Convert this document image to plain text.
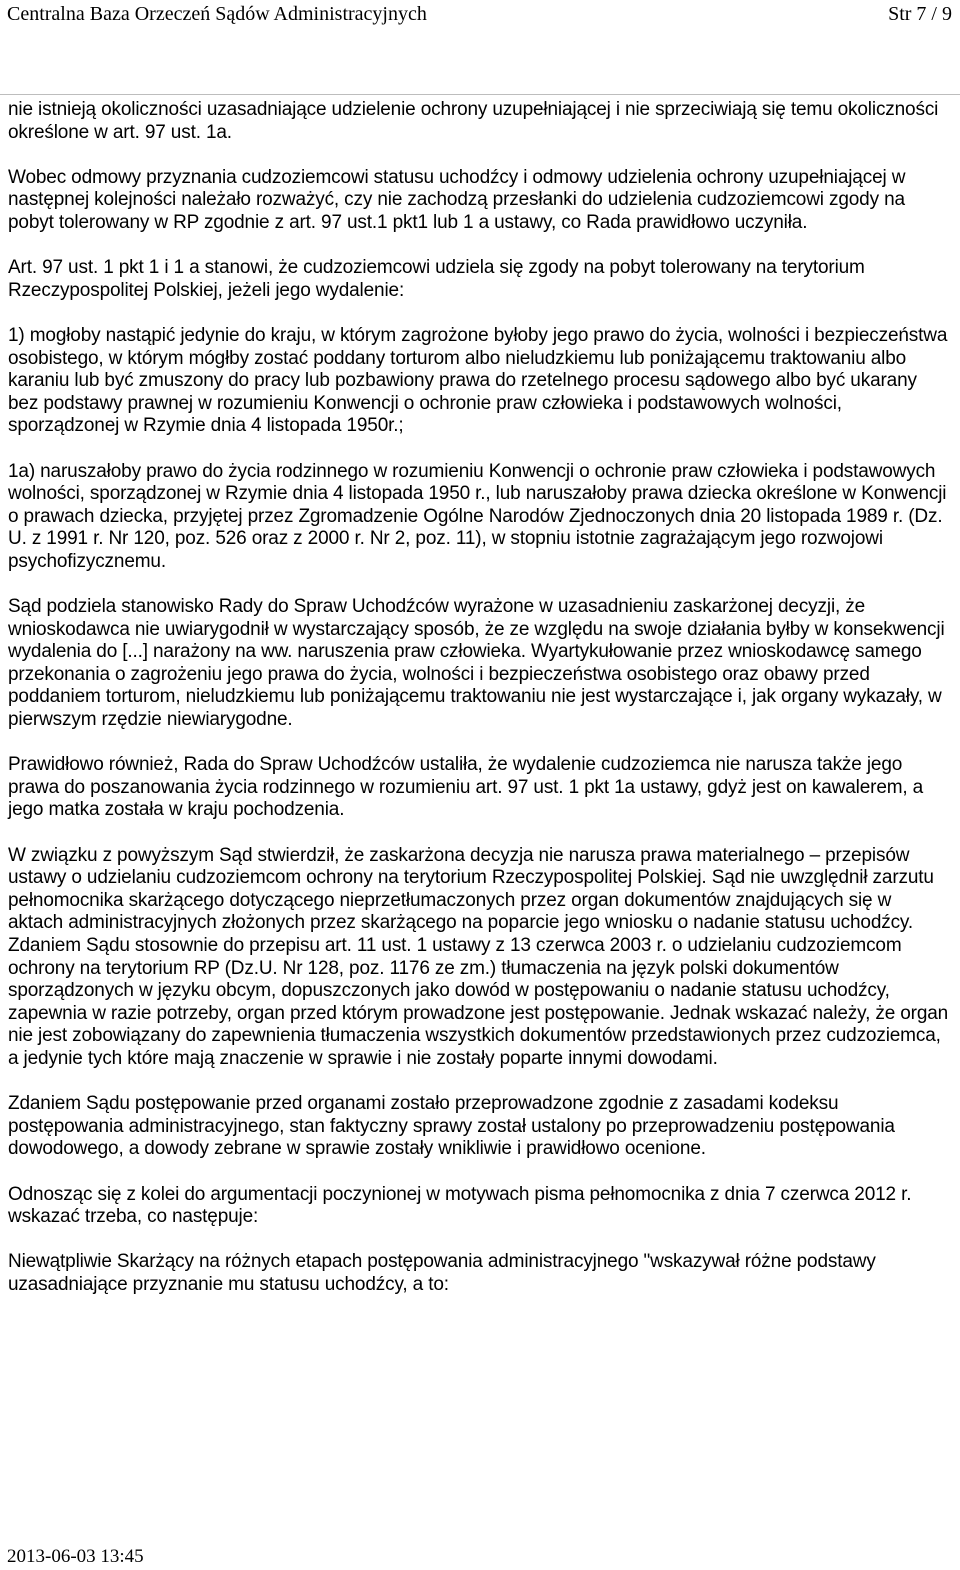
Centralna Baza Orzeczeń Sądów Administracyjnych	Str 7 / 9

nie istnieją okoliczności uzasadniające udzielenie ochrony uzupełniającej i nie sprzeciwiają się temu okoliczności określone w art. 97 ust. 1a.

Wobec odmowy przyznania cudzoziemcowi statusu uchodźcy i odmowy udzielenia ochrony uzupełniającej w następnej kolejności należało rozważyć, czy nie zachodzą przesłanki do udzielenia cudzoziemcowi zgody na pobyt tolerowany w RP zgodnie z art. 97 ust.1 pkt1 lub 1 a ustawy, co Rada prawidłowo uczyniła.

Art. 97 ust. 1 pkt 1 i 1 a stanowi, że cudzoziemcowi udziela się zgody na pobyt tolerowany na terytorium Rzeczypospolitej Polskiej, jeżeli jego wydalenie:

1) mogłoby nastąpić jedynie do kraju, w którym zagrożone byłoby jego prawo do życia, wolności i bezpieczeństwa osobistego, w którym mógłby zostać poddany torturom albo nieludzkiemu lub poniżającemu traktowaniu albo karaniu lub być zmuszony do pracy lub pozbawiony prawa do rzetelnego procesu sądowego albo być ukarany bez podstawy prawnej w rozumieniu Konwencji o ochronie praw człowieka i podstawowych wolności, sporządzonej w Rzymie dnia 4 listopada 1950r.;

1a) naruszałoby prawo do życia rodzinnego w rozumieniu Konwencji o ochronie praw człowieka i podstawowych wolności, sporządzonej w Rzymie dnia 4 listopada 1950 r., lub naruszałoby prawa dziecka określone w Konwencji o prawach dziecka, przyjętej przez Zgromadzenie Ogólne Narodów Zjednoczonych dnia 20 listopada 1989 r. (Dz. U. z 1991 r. Nr 120, poz. 526 oraz z 2000 r. Nr 2, poz. 11), w stopniu istotnie zagrażającym jego rozwojowi psychofizycznemu.

Sąd podziela stanowisko Rady do Spraw Uchodźców wyrażone w uzasadnieniu zaskarżonej decyzji, że wnioskodawca nie uwiarygodnił w wystarczający sposób, że ze względu na swoje działania byłby w konsekwencji wydalenia do [...] narażony na ww. naruszenia praw człowieka. Wyartykułowanie przez wnioskodawcę samego przekonania o zagrożeniu jego prawa do życia, wolności i bezpieczeństwa osobistego oraz obawy przed poddaniem torturom, nieludzkiemu lub poniżającemu traktowaniu nie jest wystarczające i, jak organy wykazały, w pierwszym rzędzie niewiarygodne.

Prawidłowo również, Rada do Spraw Uchodźców ustaliła, że wydalenie cudzoziemca nie narusza także jego prawa do poszanowania życia rodzinnego w rozumieniu art. 97 ust. 1 pkt 1a ustawy, gdyż jest on kawalerem, a jego matka została w kraju pochodzenia.

W związku z powyższym Sąd stwierdził, że zaskarżona decyzja nie narusza prawa materialnego – przepisów ustawy o udzielaniu cudzoziemcom ochrony na terytorium Rzeczypospolitej Polskiej. Sąd nie uwzględnił zarzutu pełnomocnika skarżącego dotyczącego nieprzetłumaczonych przez organ dokumentów znajdujących się w aktach administracyjnych złożonych przez skarżącego na poparcie jego wniosku o nadanie statusu uchodźcy. Zdaniem Sądu stosownie do przepisu art. 11 ust. 1 ustawy z 13 czerwca 2003 r. o udzielaniu cudzoziemcom ochrony na terytorium RP (Dz.U. Nr 128, poz. 1176 ze zm.) tłumaczenia na język polski dokumentów sporządzonych w języku obcym, dopuszczonych jako dowód w postępowaniu o nadanie statusu uchodźcy, zapewnia w razie potrzeby, organ przed którym prowadzone jest postępowanie. Jednak wskazać należy, że organ nie jest zobowiązany do zapewnienia tłumaczenia wszystkich dokumentów przedstawionych przez cudzoziemca, a jedynie tych które mają znaczenie w sprawie i nie zostały poparte innymi dowodami.

Zdaniem Sądu postępowanie przed organami zostało przeprowadzone zgodnie z zasadami kodeksu postępowania administracyjnego, stan faktyczny sprawy został ustalony po przeprowadzeniu postępowania dowodowego, a dowody zebrane w sprawie zostały wnikliwie i prawidłowo ocenione.

Odnosząc się z kolei do argumentacji poczynionej w motywach pisma pełnomocnika z dnia 7 czerwca 2012 r. wskazać trzeba, co następuje:

Niewątpliwie Skarżący na różnych etapach postępowania administracyjnego "wskazywał różne podstawy uzasadniające przyznanie mu statusu uchodźcy, a to:

2013-06-03 13:45
